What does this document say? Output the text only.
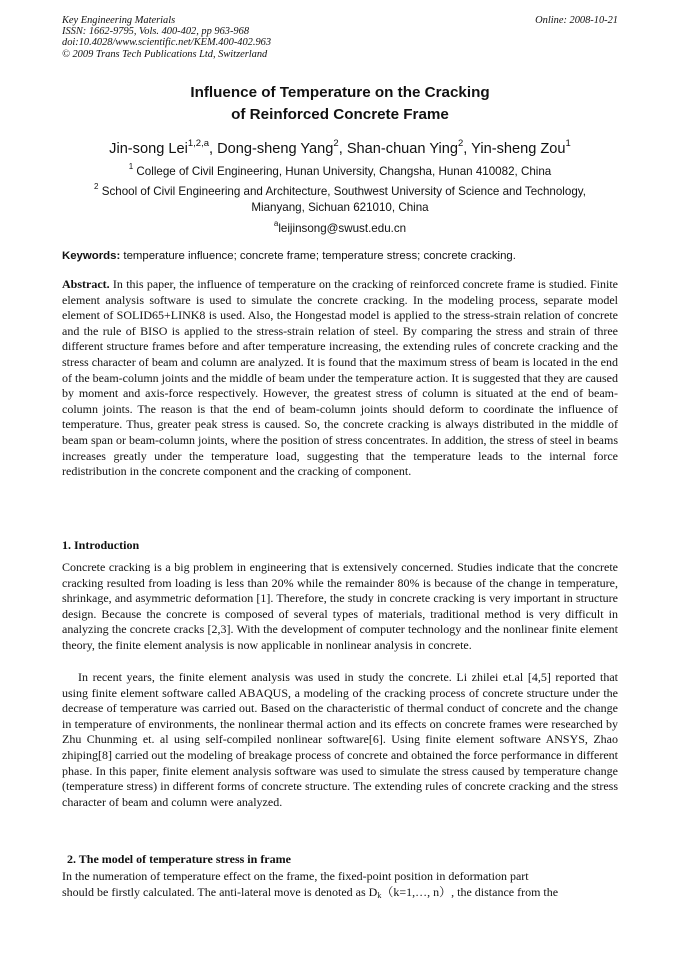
Key Engineering Materials
ISSN: 1662-9795, Vols. 400-402, pp 963-968
doi:10.4028/www.scientific.net/KEM.400-402.963
© 2009 Trans Tech Publications Ltd, Switzerland
Online: 2008-10-21
Influence of Temperature on the Cracking
of Reinforced Concrete Frame
Jin-song Lei$^{1,2,a}$, Dong-sheng Yang$^2$, Shan-chuan Ying$^2$, Yin-sheng Zou$^1$
$^1$ College of Civil Engineering, Hunan University, Changsha, Hunan 410082, China
$^2$ School of Civil Engineering and Architecture, Southwest University of Science and Technology,
Mianyang, Sichuan 621010, China
$^a$leijinsong@swust.edu.cn
Keywords: temperature influence; concrete frame; temperature stress; concrete cracking.
Abstract. In this paper, the influence of temperature on the cracking of reinforced concrete frame is studied. Finite element analysis software is used to simulate the concrete cracking. In the modeling process, separate model element of SOLID65+LINK8 is used. Also, the Hongestad model is applied to the stress-strain relation of concrete and the rule of BISO is applied to the stress-strain relation of steel. By comparing the stress and strain of three different structure frames before and after temperature increasing, the extending rules of concrete cracking and the stress character of beam and column are analyzed. It is found that the maximum stress of beam is located in the end of the beam-column joints and the middle of beam under the temperature action. It is suggested that they are caused by moment and axis-force respectively. However, the greatest stress of column is situated at the end of beam-column joints. The reason is that the end of beam-column joints should deform to coordinate the influence of temperature. Thus, greater peak stress is caused. So, the concrete cracking is always distributed in the middle of beam span or beam-column joints, where the position of stress concentrates. In addition, the stress of steel in beams increases greatly under the temperature load, suggesting that the temperature leads to the internal force redistribution in the concrete component and the cracking of component.
1. Introduction
Concrete cracking is a big problem in engineering that is extensively concerned. Studies indicate that the concrete cracking resulted from loading is less than 20% while the remainder 80% is because of the change in temperature, shrinkage, and asymmetric deformation [1]. Therefore, the study in concrete cracking is very important in structure design. Because the concrete is composed of several types of materials, traditional method is very difficult in analyzing the concrete cracks [2,3]. With the development of computer technology and the nonlinear finite element theory, the finite element analysis is now applicable in nonlinear analysis in concrete.
In recent years, the finite element analysis was used in study the concrete. Li zhilei et.al [4,5] reported that using finite element software called ABAQUS, a modeling of the cracking process of concrete structure under the decrease of temperature was carried out. Based on the characteristic of thermal conduct of concrete and the change in temperature of environments, the nonlinear thermal action and its effects on concrete frames were researched by Zhu Chunming et. al using self-compiled nonlinear software[6]. Using finite element software ANSYS, Zhao zhiping[8] carried out the modeling of breakage process of concrete and obtained the force performance in different phase. In this paper, finite element analysis software was used to simulate the stress caused by temperature change (temperature stress) in different forms of concrete structure. The extending rules of concrete cracking and the stress character of beam and column were analyzed.
2. The model of temperature stress in frame
In the numeration of temperature effect on the frame, the fixed-point position in deformation part
should be firstly calculated. The anti-lateral move is denoted as $D_k(k=1,\dots$, n）, the distance from the
